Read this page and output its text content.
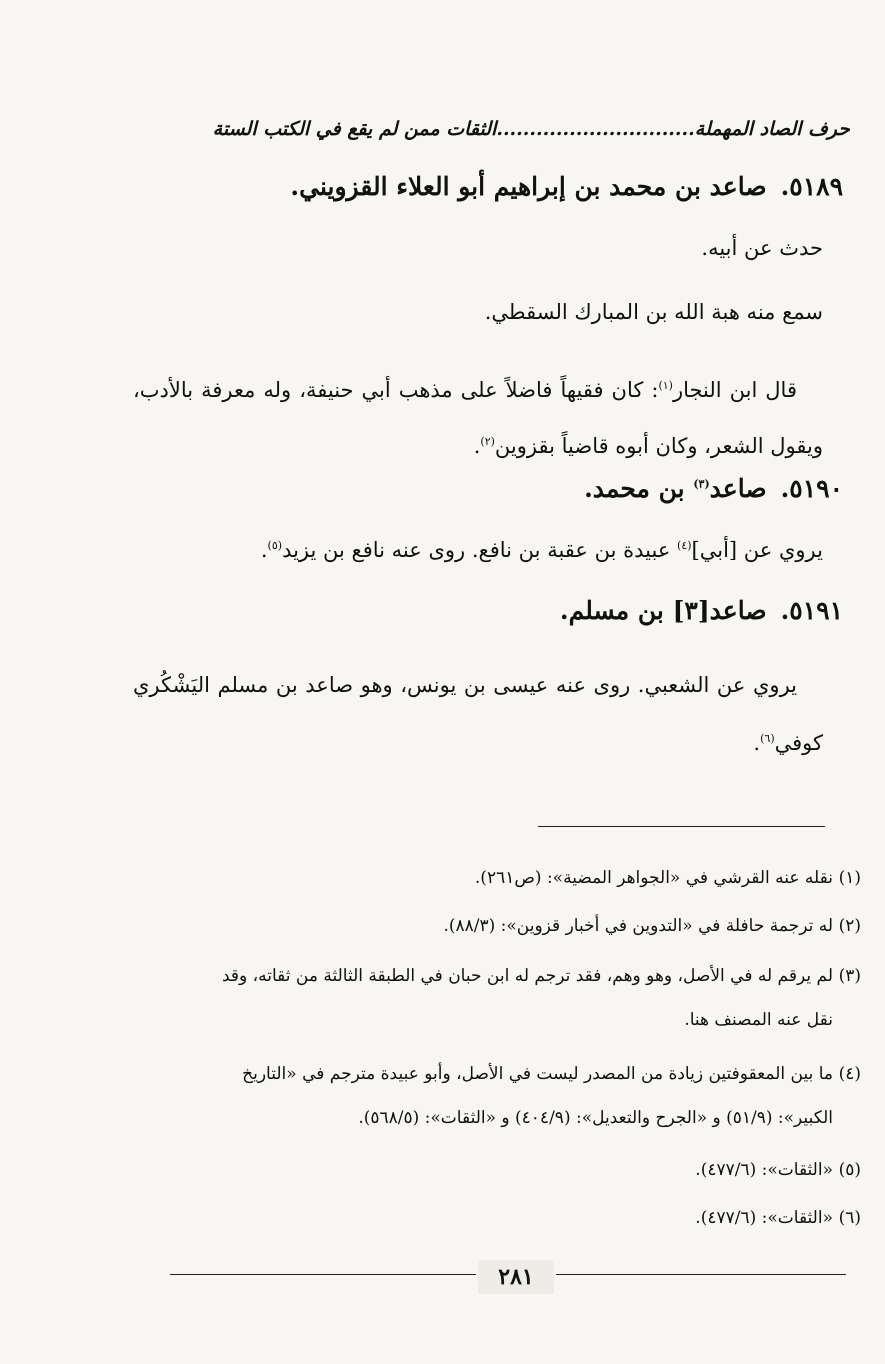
حرف الصاد المهملة..............................الثقات ممن لم يقع في الكتب الستة
٥١٨٩.صاعد بن محمد بن إبراهيم أبو العلاء القزويني.
حدث عن أبيه.
سمع منه هبة الله بن المبارك السقطي.
قال ابن النجار$^{(١)}$: كان فقيهاً فاضلاً على مذهب أبي حنيفة، وله معرفة بالأدب، ويقول الشعر، وكان أبوه قاضياً بقزوين$^{(٢)}$.
٥١٩٠.صاعد$^{(٣)}$ بن محمد.
يروي عن [أبي]$^{(٤)}$ عبيدة بن عقبة بن نافع. روى عنه نافع بن يزيد$^{(٥)}$.
٥١٩١.صاعد[٣] بن مسلم.
يروي عن الشعبي. روى عنه عيسى بن يونس، وهو صاعد بن مسلم اليَشْكُري كوفي$^{(٦)}$.
(١)نقله عنه القرشي في «الجواهر المضية»: (ص٢٦١).
(٢)له ترجمة حافلة في «التدوين في أخبار قزوين»: (٨٨/٣).
(٣)لم يرقم له في الأصل، وهو وهم، فقد ترجم له ابن حبان في الطبقة الثالثة من ثقاته، وقد
نقل عنه المصنف هنا.
(٤)ما بين المعقوفتين زيادة من المصدر ليست في الأصل، وأبو عبيدة مترجم في «التاريخ
الكبير»: (٥١/٩) و «الجرح والتعديل»: (٤٠٤/٩) و «الثقات»: (٥٦٨/٥).
(٥)«الثقات»: (٤٧٧/٦).
(٦)«الثقات»: (٤٧٧/٦).
٢٨١
